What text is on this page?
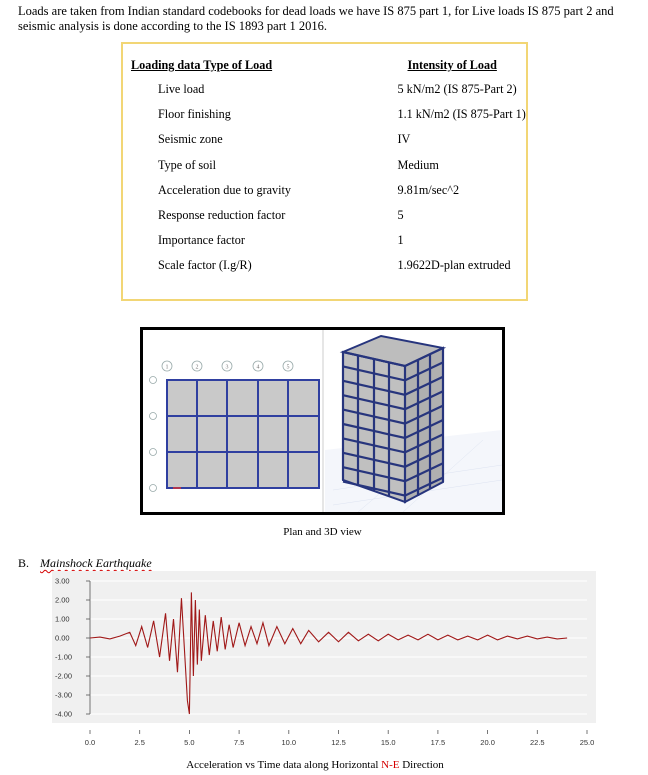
Loads are taken from Indian standard codebooks for dead loads we have IS 875 part 1, for Live loads IS 875 part 2 and seismic analysis is done according to the IS 1893 part 1 2016.
Loading data Type of Load	Intensity of Load
Live load	5 kN/m2 (IS 875-Part 2)
Floor finishing	1.1 kN/m2 (IS 875-Part 1)
Seismic zone	IV
Type of soil	Medium
Acceleration due to gravity	9.81m/sec^2
Response reduction factor	5
Importance factor	1
Scale factor (I.g/R)	1.9622D-plan extruded
1	2	3	4	5
Plan and 3D view
B. Mainshock Earthquake
3.00
2.00
1.00
0.00
-1.00
-2.00
-3.00
-4.00
0.0	2.5	5.0	7.5	10.0	12.5	15.0	17.5	20.0	22.5	25.0
Acceleration vs Time data along Horizontal N-E Direction
